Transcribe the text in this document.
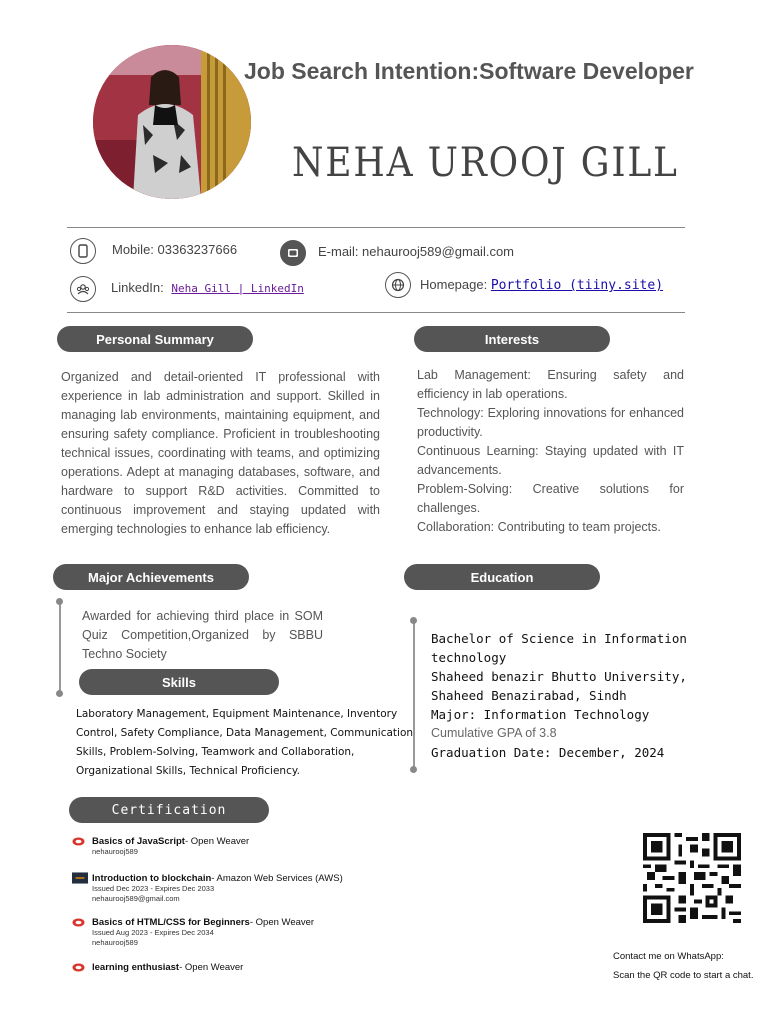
Job Search Intention:Software Developer
NEHA UROOJ GILL
Mobile: 03363237666	E-mail: nehaurooj589@gmail.com
LinkedIn: Neha Gill | LinkedIn	Homepage: Portfolio (tiiny.site)
Personal Summary	Interests
Organized and detail-oriented IT professional with experience in lab administration and support. Skilled in managing lab environments, maintaining equipment, and ensuring safety compliance. Proficient in troubleshooting technical issues, coordinating with teams, and optimizing operations. Adept at managing databases, software, and hardware to support R&D activities. Committed to continuous improvement and staying updated with emerging technologies to enhance lab efficiency.
Lab Management: Ensuring safety and efficiency in lab operations.
Technology: Exploring innovations for enhanced productivity.
Continuous Learning: Staying updated with IT advancements.
Problem-Solving: Creative solutions for challenges.
Collaboration: Contributing to team projects.
Major Achievements	Education
Awarded for achieving third place in SOM Quiz Competition,Organized by SBBU Techno Society
Skills
Laboratory Management, Equipment Maintenance, Inventory Control, Safety Compliance, Data Management, Communication Skills, Problem-Solving, Teamwork and Collaboration, Organizational Skills, Technical Proficiency.
Bachelor of Science in Information technology
Shaheed benazir Bhutto University, Shaheed Benazirabad, Sindh
Major: Information Technology
Cumulative GPA of 3.8
Graduation Date: December, 2024
Certification
Basics of JavaScript - Open Weaver
nehaurooj589
Introduction to blockchain - Amazon Web Services (AWS)
Issued Dec 2023 - Expires Dec 2033
nehaurooj589@gmail.com
Basics of HTML/CSS for Beginners - Open Weaver
Issued Aug 2023 - Expires Dec 2034
nehaurooj589
learning enthusiast - Open Weaver
Contact me on WhatsApp:
Scan the QR code to start a chat.
